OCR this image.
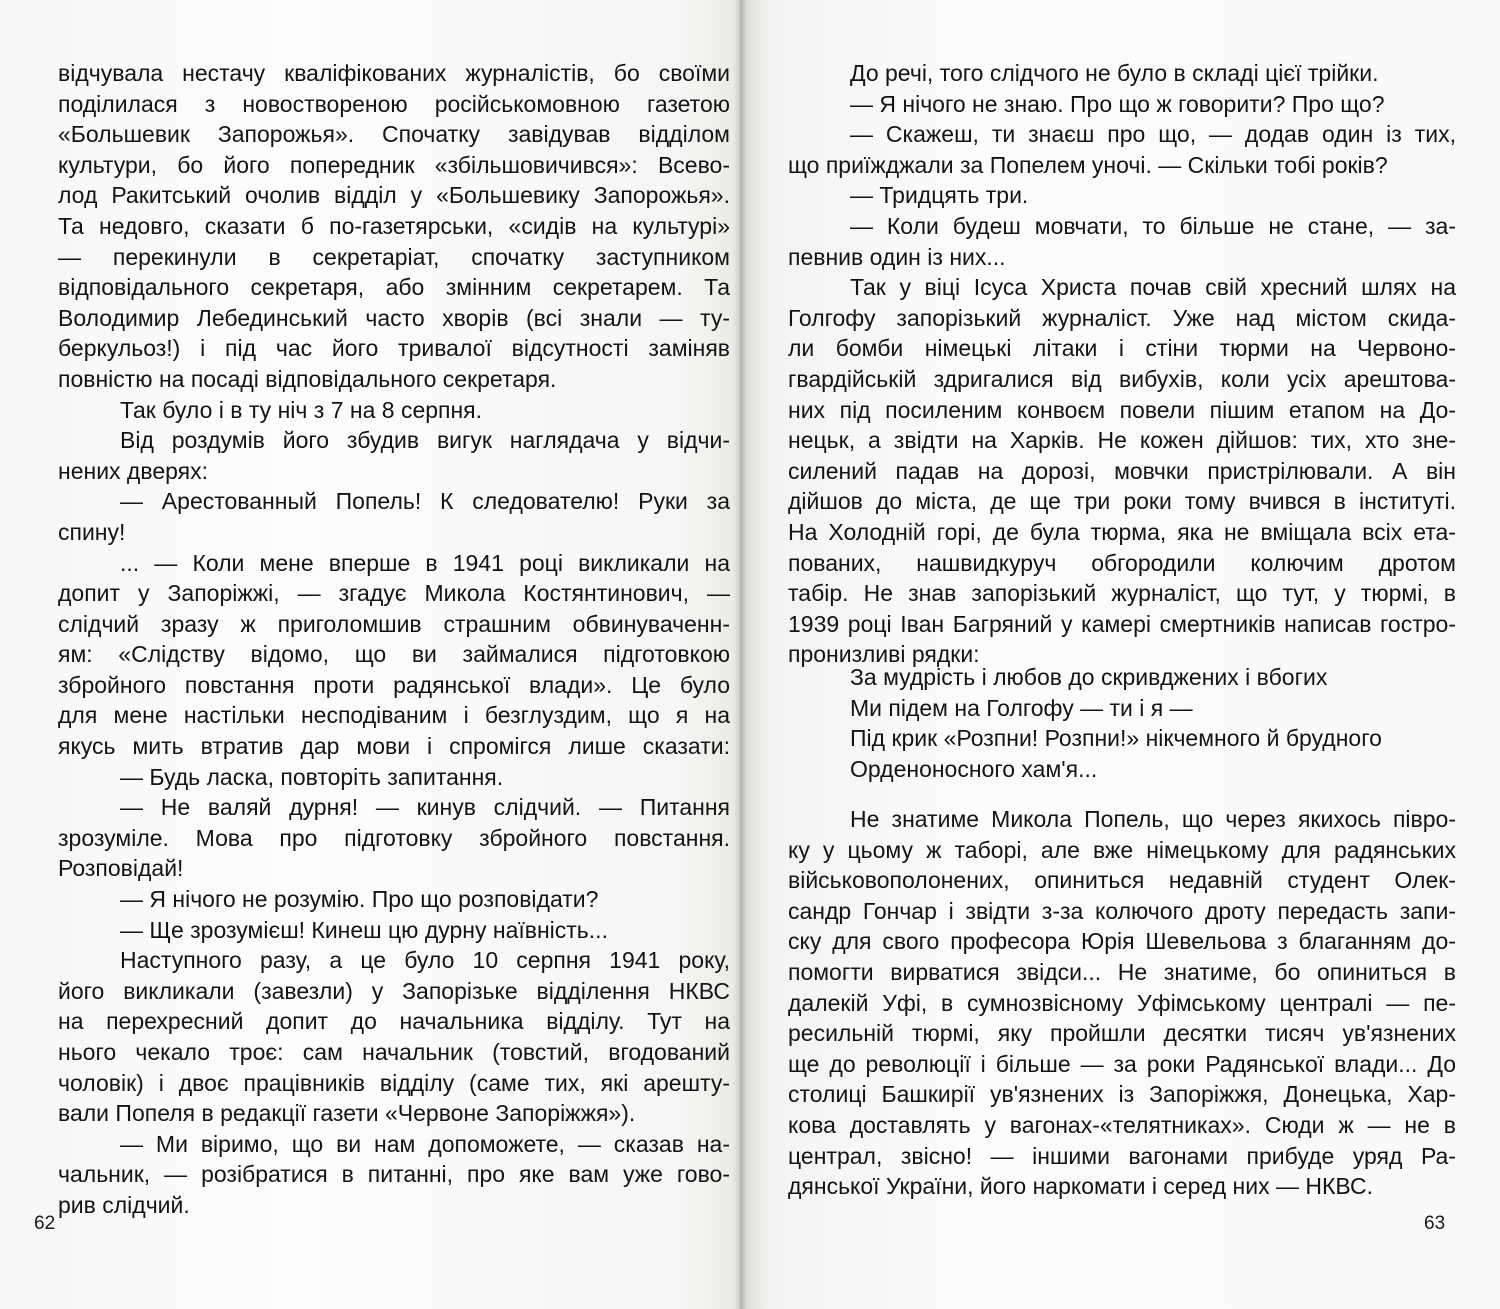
відчувала нестачу кваліфікованих журналістів, бо своїми
поділилася з новоствореною російськомовною газетою
«Большевик Запорожья». Спочатку завідував відділом
культури, бо його попередник «збільшовичився»: Всево-
лод Ракитський очолив відділ у «Большевику Запорожья».
Та недовго, сказати б по-газетярськи, «сидів на культурі»
— перекинули в секретаріат, спочатку заступником
відповідального секретаря, або змінним секретарем. Та
Володимир Лебединський часто хворів (всі знали — ту-
беркульоз!) і під час його тривалої відсутності заміняв
повністю на посаді відповідального секретаря.
Так було і в ту ніч з 7 на 8 серпня.
Від роздумів його збудив вигук наглядача у відчи-
нених дверях:
— Арестованный Попель! К следователю! Руки за
спину!
... — Коли мене вперше в 1941 році викликали на
допит у Запоріжжі, — згадує Микола Костянтинович, —
слідчий зразу ж приголомшив страшним обвинуваченн-
ям: «Слідству відомо, що ви займалися підготовкою
збройного повстання проти радянської влади». Це було
для мене настільки несподіваним і безглуздим, що я на
якусь мить втратив дар мови і спромігся лише сказати:
— Будь ласка, повторіть запитання.
— Не валяй дурня! — кинув слідчий. — Питання
зрозуміле. Мова про підготовку збройного повстання.
Розповідай!
— Я нічого не розумію. Про що розповідати?
— Ще зрозумієш! Кинеш цю дурну наївність...
Наступного разу, а це було 10 серпня 1941 року,
його викликали (завезли) у Запорізьке відділення НКВС
на перехресний допит до начальника відділу. Тут на
нього чекало троє: сам начальник (товстий, вгодований
чоловік) і двоє працівників відділу (саме тих, які арешту-
вали Попеля в редакції газети «Червоне Запоріжжя»).
— Ми віримо, що ви нам допоможете, — сказав на-
чальник, — розібратися в питанні, про яке вам уже гово-
рив слідчий.
62
До речі, того слідчого не було в складі цієї трійки.
— Я нічого не знаю. Про що ж говорити? Про що?
— Скажеш, ти знаєш про що, — додав один із тих,
що приїжджали за Попелем уночі. — Скільки тобі років?
— Тридцять три.
— Коли будеш мовчати, то більше не стане, — за-
певнив один із них...
Так у віці Ісуса Христа почав свій хресний шлях на
Голгофу запорізький журналіст. Уже над містом скида-
ли бомби німецькі літаки і стіни тюрми на Червоно-
гвардійській здригалися від вибухів, коли усіх арештова-
них під посиленим конвоєм повели пішим етапом на До-
нецьк, а звідти на Харків. Не кожен дійшов: тих, хто зне-
силений падав на дорозі, мовчки пристрілювали. А він
дійшов до міста, де ще три роки тому вчився в інституті.
На Холодній горі, де була тюрма, яка не вміщала всіх ета-
пованих, нашвидкуруч обгородили колючим дротом
табір. Не знав запорізький журналіст, що тут, у тюрмі, в
1939 році Іван Багряний у камері смертників написав гостро-
пронизливі рядки:
За мудрість і любов до скривджених і вбогих
Ми підем на Голгофу — ти і я —
Під крик «Розпни! Розпни!» нікчемного й брудного
Орденоносного хам'я...
Не знатиме Микола Попель, що через якихось півро-
ку у цьому ж таборі, але вже німецькому для радянських
військовополонених, опиниться недавній студент Олек-
сандр Гончар і звідти з-за колючого дроту передасть запи-
ску для свого професора Юрія Шевельова з благанням до-
помогти вирватися звідси... Не знатиме, бо опиниться в
далекій Уфі, в сумнозвісному Уфімському централі — пе-
ресильній тюрмі, яку пройшли десятки тисяч ув'язнених
ще до революції і більше — за роки Радянської влади... До
столиці Башкирії ув'язнених із Запоріжжя, Донецька, Хар-
кова доставлять у вагонах-«телятниках». Сюди ж — не в
централ, звісно! — іншими вагонами прибуде уряд Ра-
дянської України, його наркомати і серед них — НКВС.
63
